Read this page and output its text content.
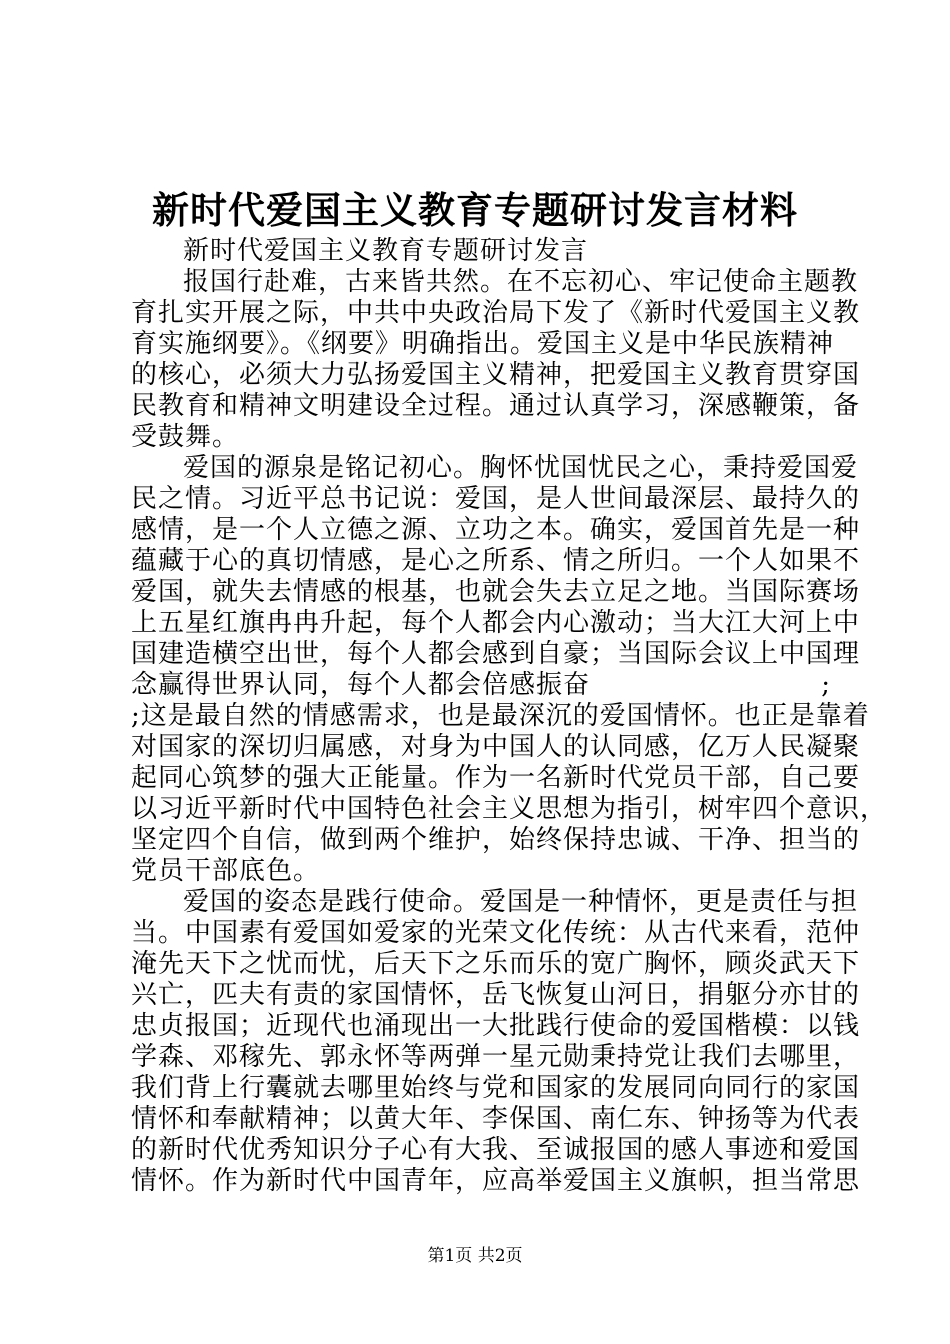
新时代爱国主义教育专题研讨发言材料
新时代爱国主义教育专题研讨发言
报国行赴难，古来皆共然。在不忘初心、牢记使命主题教
育扎实开展之际，中共中央政治局下发了《新时代爱国主义教
育实施纲要》。《纲要》明确指出。爱国主义是中华民族精神
的核心，必须大力弘扬爱国主义精神，把爱国主义教育贯穿国
民教育和精神文明建设全过程。通过认真学习，深感鞭策，备
受鼓舞。
爱国的源泉是铭记初心。胸怀忧国忧民之心，秉持爱国爱
民之情。习近平总书记说：爱国，是人世间最深层、最持久的
感情，是一个人立德之源、立功之本。确实，爱国首先是一种
蕴藏于心的真切情感，是心之所系、情之所归。一个人如果不
爱国，就失去情感的根基，也就会失去立足之地。当国际赛场
上五星红旗冉冉升起，每个人都会内心激动；当大江大河上中
国建造横空出世，每个人都会感到自豪；当国际会议上中国理
念赢得世界认同，每个人都会倍感振奋	;
;这是最自然的情感需求，也是最深沉的爱国情怀。也正是靠着
对国家的深切归属感，对身为中国人的认同感，亿万人民凝聚
起同心筑梦的强大正能量。作为一名新时代党员干部，自己要
以习近平新时代中国特色社会主义思想为指引，树牢四个意识，
坚定四个自信，做到两个维护，始终保持忠诚、干净、担当的
党员干部底色。
爱国的姿态是践行使命。爱国是一种情怀，更是责任与担
当。中国素有爱国如爱家的光荣文化传统：从古代来看，范仲
淹先天下之忧而忧，后天下之乐而乐的宽广胸怀，顾炎武天下
兴亡，匹夫有责的家国情怀，岳飞恢复山河日，捐躯分亦甘的
忠贞报国；近现代也涌现出一大批践行使命的爱国楷模：以钱
学森、邓稼先、郭永怀等两弹一星元勋秉持党让我们去哪里，
我们背上行囊就去哪里始终与党和国家的发展同向同行的家国
情怀和奉献精神；以黄大年、李保国、南仁东、钟扬等为代表
的新时代优秀知识分子心有大我、至诚报国的感人事迹和爱国
情怀。作为新时代中国青年，应高举爱国主义旗帜，担当常思
第1页 共2页
